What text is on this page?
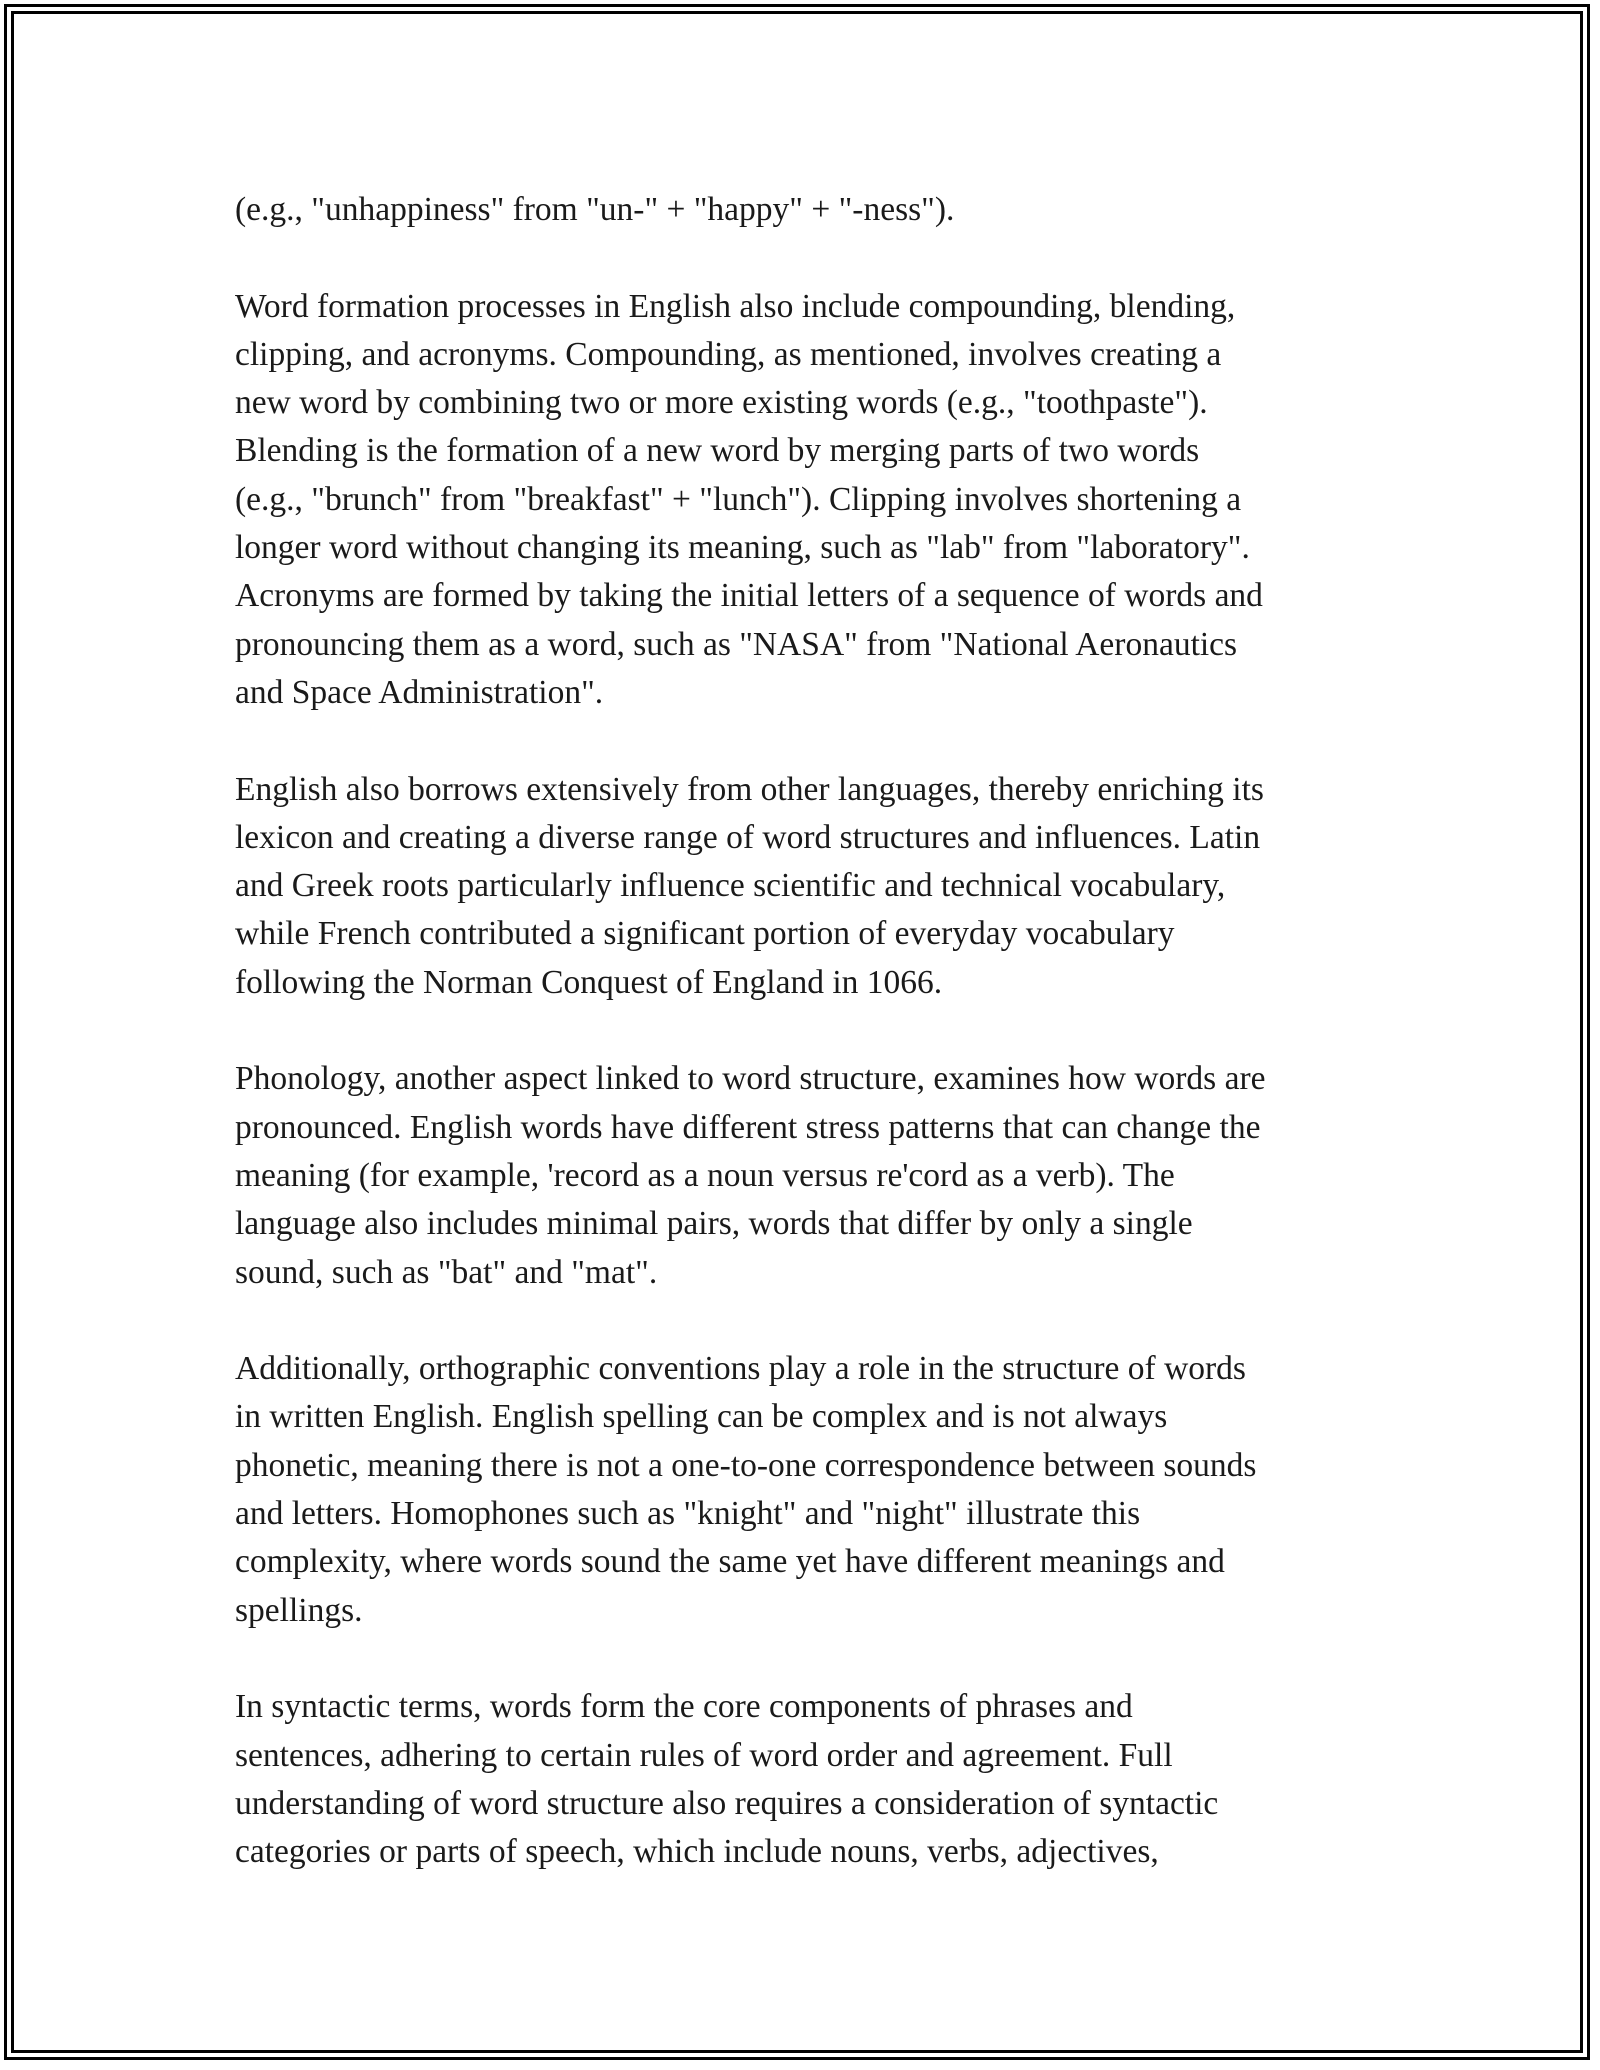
(e.g., "unhappiness" from "un-" + "happy" + "-ness").

Word formation processes in English also include compounding, blending,
clipping, and acronyms. Compounding, as mentioned, involves creating a
new word by combining two or more existing words (e.g., "toothpaste").
Blending is the formation of a new word by merging parts of two words
(e.g., "brunch" from "breakfast" + "lunch"). Clipping involves shortening a
longer word without changing its meaning, such as "lab" from "laboratory".
Acronyms are formed by taking the initial letters of a sequence of words and
pronouncing them as a word, such as "NASA" from "National Aeronautics
and Space Administration".

English also borrows extensively from other languages, thereby enriching its
lexicon and creating a diverse range of word structures and influences. Latin
and Greek roots particularly influence scientific and technical vocabulary,
while French contributed a significant portion of everyday vocabulary
following the Norman Conquest of England in 1066.

Phonology, another aspect linked to word structure, examines how words are
pronounced. English words have different stress patterns that can change the
meaning (for example, 'record as a noun versus re'cord as a verb). The
language also includes minimal pairs, words that differ by only a single
sound, such as "bat" and "mat".

Additionally, orthographic conventions play a role in the structure of words
in written English. English spelling can be complex and is not always
phonetic, meaning there is not a one-to-one correspondence between sounds
and letters. Homophones such as "knight" and "night" illustrate this
complexity, where words sound the same yet have different meanings and
spellings.

In syntactic terms, words form the core components of phrases and
sentences, adhering to certain rules of word order and agreement. Full
understanding of word structure also requires a consideration of syntactic
categories or parts of speech, which include nouns, verbs, adjectives,
